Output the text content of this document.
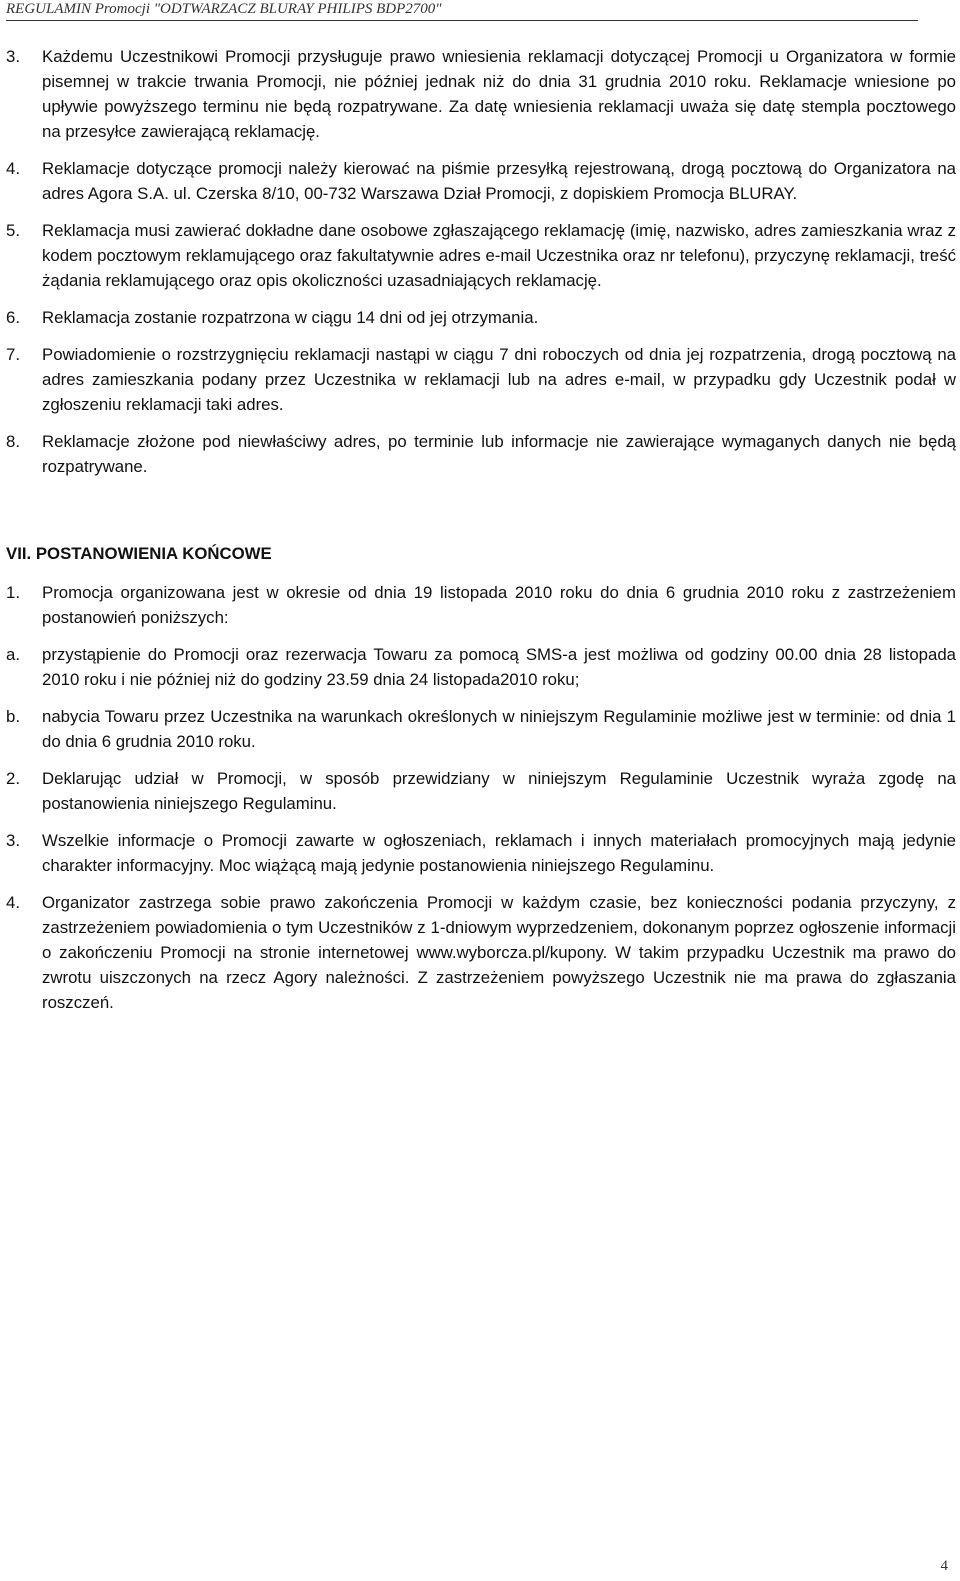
REGULAMIN Promocji "ODTWARZACZ BLURAY PHILIPS BDP2700"
3.	Każdemu Uczestnikowi Promocji przysługuje prawo wniesienia reklamacji dotyczącej Promocji u Organizatora w formie pisemnej w trakcie trwania Promocji, nie później jednak niż do dnia 31 grudnia 2010 roku. Reklamacje wniesione po upływie powyższego terminu nie będą rozpatrywane. Za datę wniesienia reklamacji uważa się datę stempla pocztowego na przesyłce zawierającą reklamację.
4.	Reklamacje dotyczące promocji należy kierować na piśmie przesyłką rejestrowaną, drogą pocztową do Organizatora na adres Agora S.A. ul. Czerska 8/10, 00-732 Warszawa Dział Promocji, z dopiskiem Promocja BLURAY.
5.	Reklamacja musi zawierać dokładne dane osobowe zgłaszającego reklamację (imię, nazwisko, adres zamieszkania wraz z kodem pocztowym reklamującego oraz fakultatywnie adres e-mail Uczestnika oraz nr telefonu), przyczynę reklamacji, treść żądania reklamującego oraz opis okoliczności uzasadniających reklamację.
6.	Reklamacja zostanie rozpatrzona w ciągu 14 dni od jej otrzymania.
7.	Powiadomienie o rozstrzygnięciu reklamacji nastąpi w ciągu 7 dni roboczych od dnia jej rozpatrzenia, drogą pocztową na adres zamieszkania podany przez Uczestnika w reklamacji lub na adres e-mail, w przypadku gdy Uczestnik podał w zgłoszeniu reklamacji taki adres.
8.	Reklamacje złożone pod niewłaściwy adres, po terminie lub informacje nie zawierające wymaganych danych nie będą rozpatrywane.
VII. POSTANOWIENIA KOŃCOWE
1.	Promocja organizowana jest w okresie od dnia 19 listopada 2010 roku do dnia 6 grudnia 2010 roku z zastrzeżeniem postanowień poniższych:
a.	przystąpienie do Promocji oraz rezerwacja Towaru za pomocą SMS-a jest możliwa od godziny 00.00 dnia 28 listopada 2010 roku i nie później niż do godziny 23.59 dnia 24 listopada2010 roku;
b.	nabycia Towaru przez Uczestnika na warunkach określonych w niniejszym Regulaminie możliwe jest w terminie: od dnia 1 do dnia 6 grudnia 2010 roku.
2.	Deklarując udział w Promocji, w sposób przewidziany w niniejszym Regulaminie Uczestnik wyraża zgodę na postanowienia niniejszego Regulaminu.
3.	Wszelkie informacje o Promocji zawarte w ogłoszeniach, reklamach i innych materiałach promocyjnych mają jedynie charakter informacyjny. Moc wiążącą mają jedynie postanowienia niniejszego Regulaminu.
4.	Organizator zastrzega sobie prawo zakończenia Promocji w każdym czasie, bez konieczności podania przyczyny, z zastrzeżeniem powiadomienia o tym Uczestników z 1-dniowym wyprzedzeniem, dokonanym poprzez ogłoszenie informacji o zakończeniu Promocji na stronie internetowej www.wyborcza.pl/kupony. W takim przypadku Uczestnik ma prawo do zwrotu uiszczonych na rzecz Agory należności. Z zastrzeżeniem powyższego Uczestnik nie ma prawa do zgłaszania roszczeń.
4
